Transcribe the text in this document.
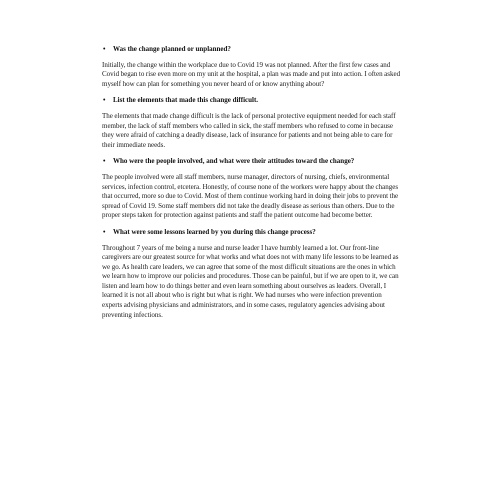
• Was the change planned or unplanned?

Initially, the change within the workplace due to Covid 19 was not planned. After the first few cases and Covid began to rise even more on my unit at the hospital, a plan was made and put into action. I often asked myself how can plan for something you never heard of or know anything about?

• List the elements that made this change difficult.

The elements that made change difficult is the lack of personal protective equipment needed for each staff member, the lack of staff members who called in sick, the staff members who refused to come in because they were afraid of catching a deadly disease, lack of insurance for patients and not being able to care for their immediate needs.

• Who were the people involved, and what were their attitudes toward the change?

The people involved were all staff members, nurse manager, directors of nursing, chiefs, environmental services, infection control, etcetera. Honestly, of course none of the workers were happy about the changes that occurred, more so due to Covid. Most of them continue working hard in doing their jobs to prevent the spread of Covid 19. Some staff members did not take the deadly disease as serious than others. Due to the proper steps taken for protection against patients and staff the patient outcome had become better.

• What were some lessons learned by you during this change process?

Throughout 7 years of me being a nurse and nurse leader I have humbly learned a lot. Our front-line caregivers are our greatest source for what works and what does not with many life lessons to be learned as we go. As health care leaders, we can agree that some of the most difficult situations are the ones in which we learn how to improve our policies and procedures. Those can be painful, but if we are open to it, we can listen and learn how to do things better and even learn something about ourselves as leaders. Overall, I learned it is not all about who is right but what is right. We had nurses who were infection prevention experts advising physicians and administrators, and in some cases, regulatory agencies advising about preventing infections.
